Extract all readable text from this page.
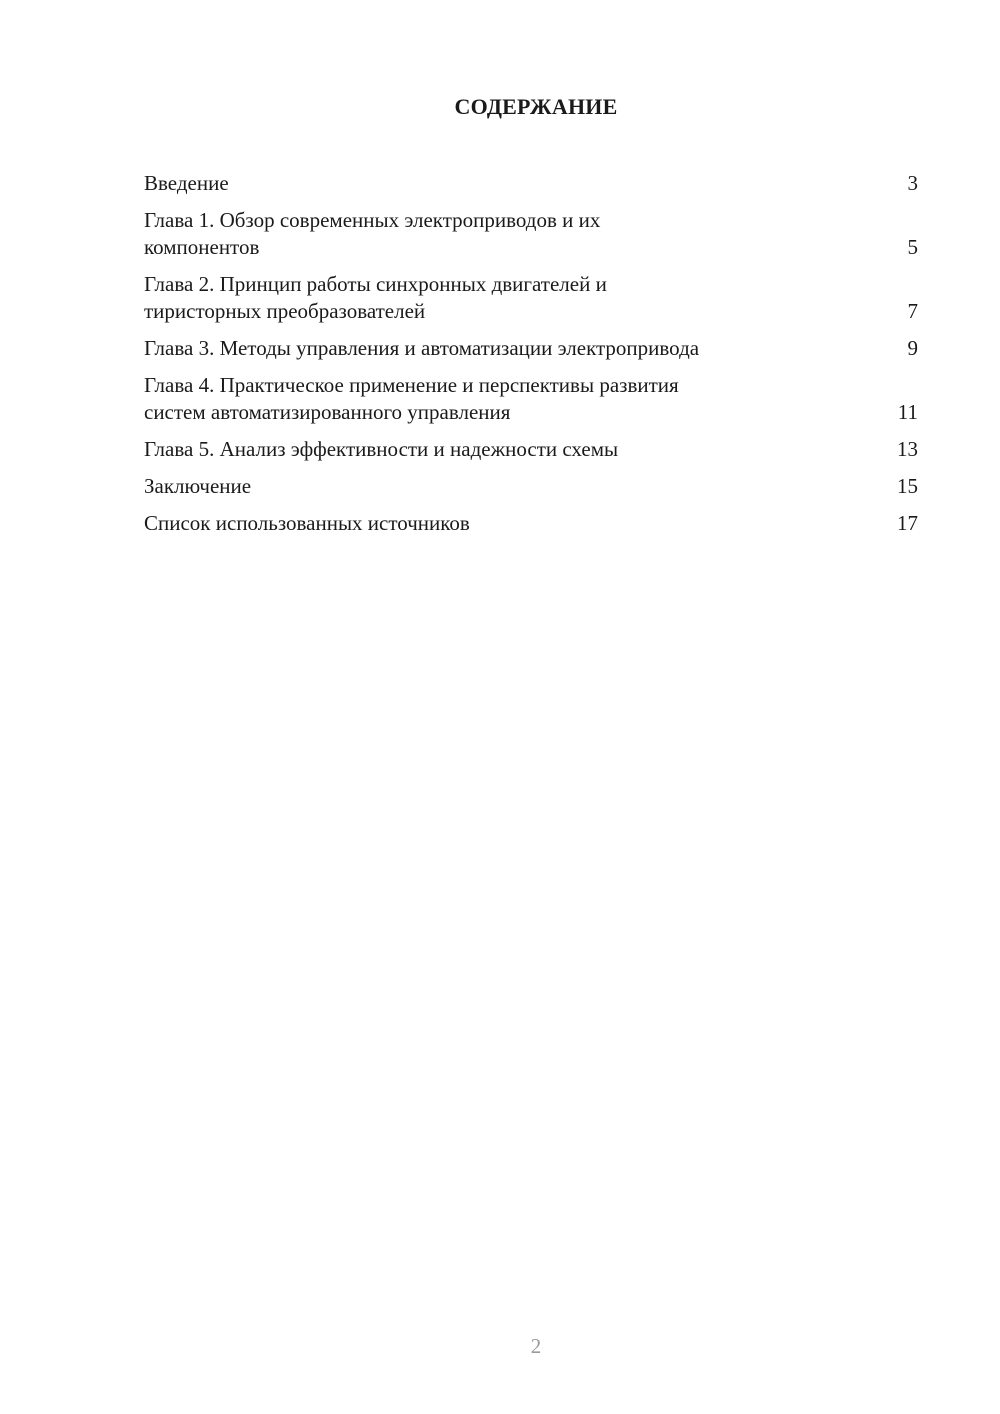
СОДЕРЖАНИЕ
Введение	3
Глава 1. Обзор современных электроприводов и их
компонентов	5
Глава 2. Принцип работы синхронных двигателей и
тиристорных преобразователей	7
Глава 3. Методы управления и автоматизации электропривода	9
Глава 4. Практическое применение и перспективы развития
систем автоматизированного управления	11
Глава 5. Анализ эффективности и надежности схемы	13
Заключение	15
Список использованных источников	17
2
